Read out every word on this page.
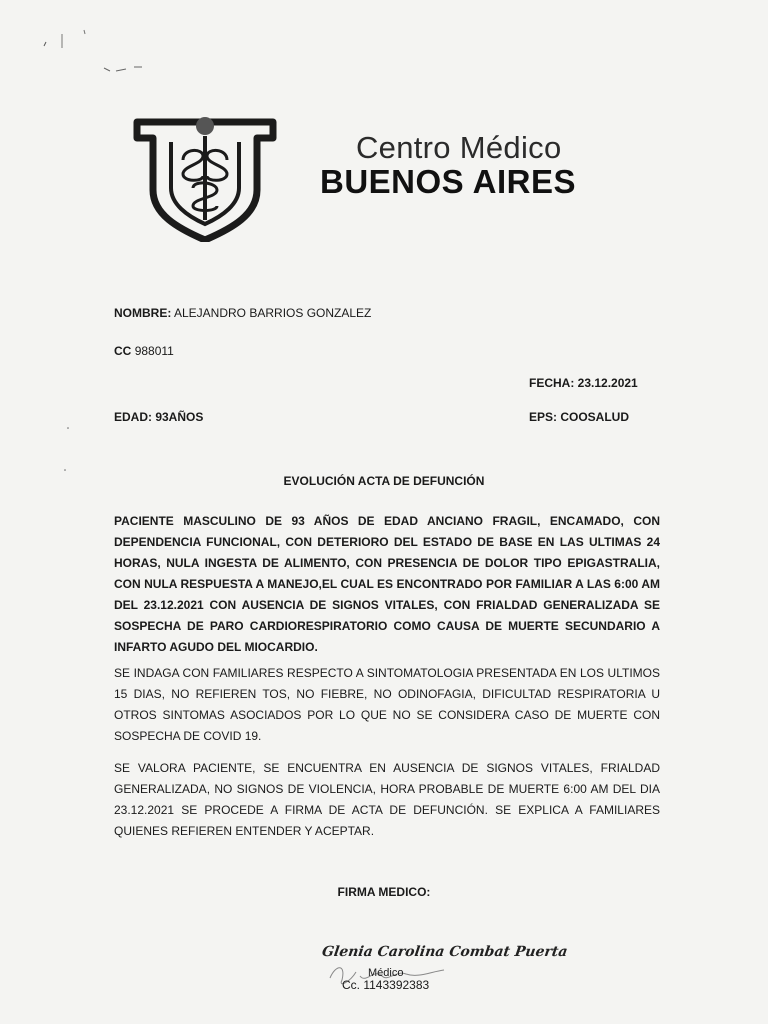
Centro Médico
BUENOS AIRES
NOMBRE: ALEJANDRO BARRIOS GONZALEZ
CC 988011
FECHA: 23.12.2021
EDAD: 93AÑOS	EPS: COOSALUD
EVOLUCIÓN ACTA DE DEFUNCIÓN
PACIENTE MASCULINO DE 93 AÑOS DE EDAD ANCIANO FRAGIL, ENCAMADO, CON DEPENDENCIA FUNCIONAL, CON DETERIORO DEL ESTADO DE BASE EN LAS ULTIMAS 24 HORAS, NULA INGESTA DE ALIMENTO, CON PRESENCIA DE DOLOR TIPO EPIGASTRALIA, CON NULA RESPUESTA A MANEJO,EL CUAL ES ENCONTRADO POR FAMILIAR A LAS 6:00 AM DEL 23.12.2021 CON AUSENCIA DE SIGNOS VITALES, CON FRIALDAD GENERALIZADA SE SOSPECHA DE PARO CARDIORESPIRATORIO COMO CAUSA DE MUERTE SECUNDARIO A INFARTO AGUDO DEL MIOCARDIO.
SE INDAGA CON FAMILIARES RESPECTO A SINTOMATOLOGIA PRESENTADA EN LOS ULTIMOS 15 DIAS, NO REFIEREN TOS, NO FIEBRE, NO ODINOFAGIA, DIFICULTAD RESPIRATORIA U OTROS SINTOMAS ASOCIADOS POR LO QUE NO SE CONSIDERA CASO DE MUERTE CON SOSPECHA DE COVID 19.
SE VALORA PACIENTE, SE ENCUENTRA EN AUSENCIA DE SIGNOS VITALES, FRIALDAD GENERALIZADA, NO SIGNOS DE VIOLENCIA, HORA PROBABLE DE MUERTE 6:00 AM DEL DIA 23.12.2021 SE PROCEDE A FIRMA DE ACTA DE DEFUNCIÓN. SE EXPLICA A FAMILIARES QUIENES REFIEREN ENTENDER Y ACEPTAR.
FIRMA MEDICO:
Glenia Carolina Combat Puerta
Médico
Cc. 1143392383
